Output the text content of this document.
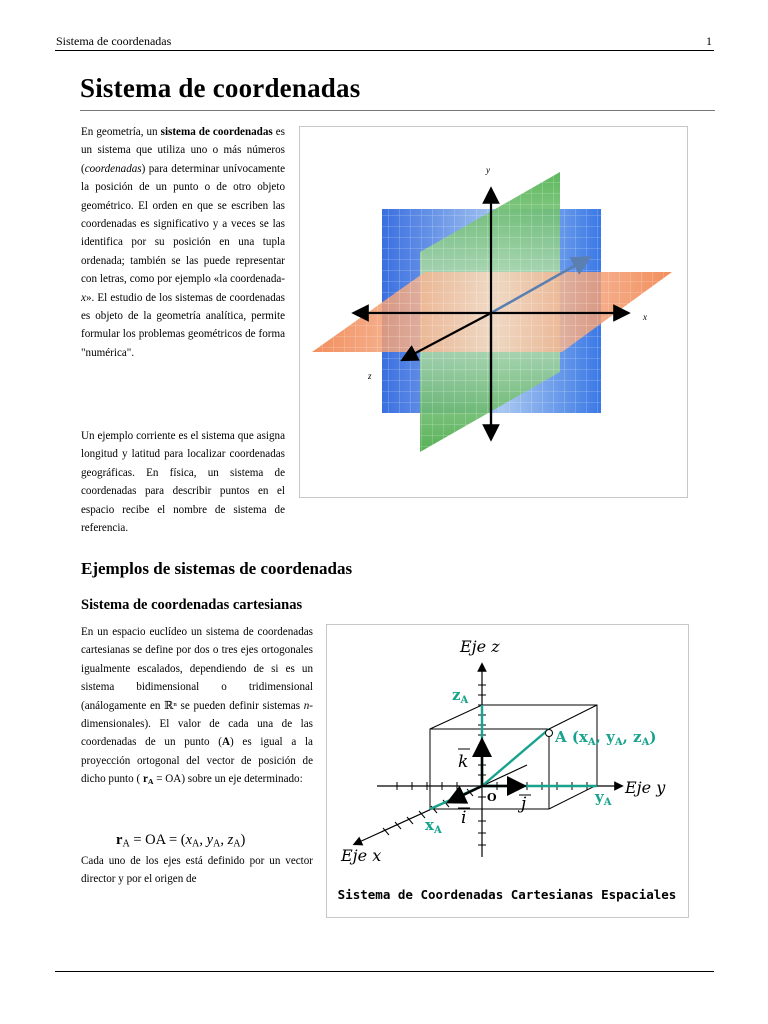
Sistema de coordenadas	1
Sistema de coordenadas

En geometría, un sistema de coordenadas es un sistema que utiliza uno o más números (coordenadas) para determinar unívocamente la posición de un punto o de otro objeto geométrico. El orden en que se escriben las coordenadas es significativo y a veces se las identifica por su posición en una tupla ordenada; también se las puede representar con letras, como por ejemplo «la coordenada-x». El estudio de los sistemas de coordenadas es objeto de la geometría analítica, permite formular los problemas geométricos de forma "numérica".

Un ejemplo corriente es el sistema que asigna longitud y latitud para localizar coordenadas geográficas. En física, un sistema de coordenadas para describir puntos en el espacio recibe el nombre de sistema de referencia.

y
x
z
Ejemplos de sistemas de coordenadas
Sistema de coordenadas cartesianas

En un espacio euclídeo un sistema de coordenadas cartesianas se define por dos o tres ejes ortogonales igualmente escalados, dependiendo de si es un sistema bidimensional o tridimensional (análogamente en ℝⁿ se pueden definir sistemas n-dimensionales). El valor de cada una de las coordenadas de un punto (A) es igual a la proyección ortogonal del vector de posición de dicho punto ( $r_A = OA$) sobre un eje determinado:

$r_A$ = OA = ($x_A$, $y_A$, $z_A$)

Cada uno de los ejes está definido por un vector director y por el origen de

Eje z
Eje y
Eje x
$z_A$
$y_A$
$x_A$
A ($x_A$, $y_A$, $z_A$)
k
j
i
O
Sistema de Coordenadas Cartesianas Espaciales
